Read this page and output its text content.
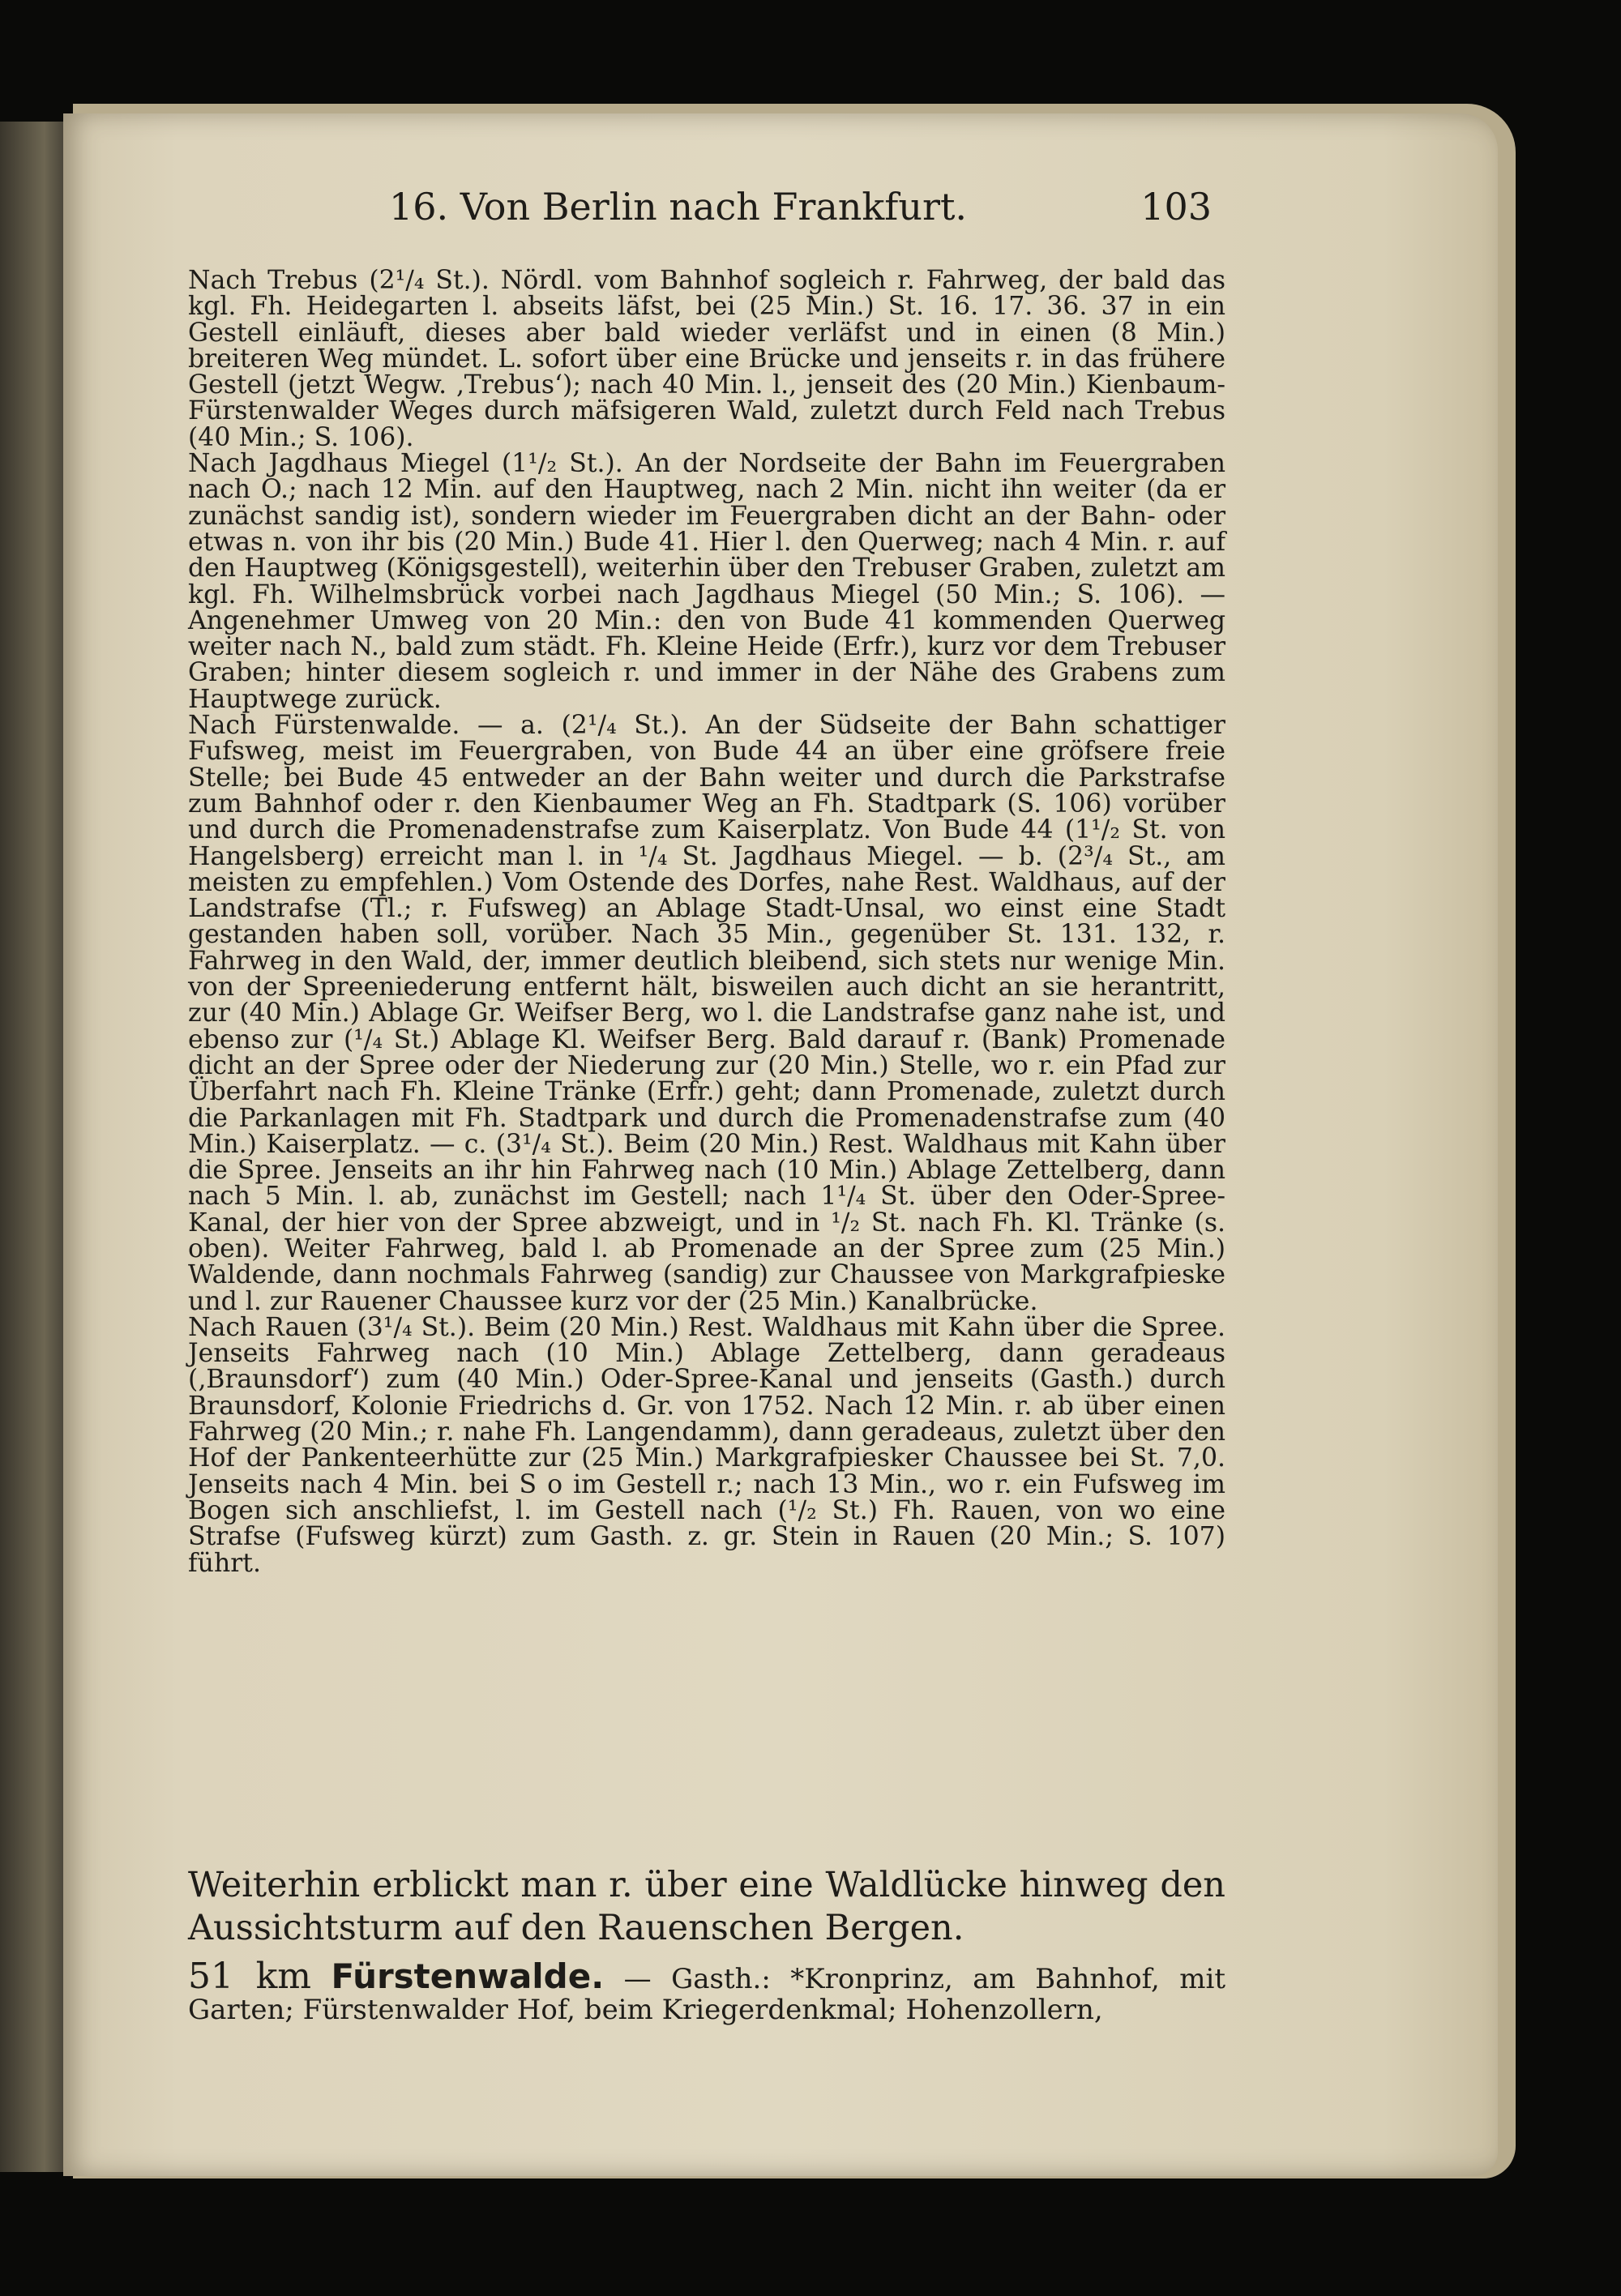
16. Von Berlin nach Frankfurt.	103

Nach Trebus (2¹/₄ St.). Nördl. vom Bahnhof sogleich r. Fahrweg, der bald das kgl. Fh. Heidegarten l. abseits läfst, bei (25 Min.) St. 16. 17. 36. 37 in ein Gestell einläuft, dieses aber bald wieder verläfst und in einen (8 Min.) breiteren Weg mündet. L. sofort über eine Brücke und jenseits r. in das frühere Gestell (jetzt Wegw. ‚Trebus‘); nach 40 Min. l., jenseit des (20 Min.) Kienbaum-Fürstenwalder Weges durch mäfsigeren Wald, zuletzt durch Feld nach Trebus (40 Min.; S. 106).

Nach Jagdhaus Miegel (1¹/₂ St.). An der Nordseite der Bahn im Feuergraben nach O.; nach 12 Min. auf den Hauptweg, nach 2 Min. nicht ihn weiter (da er zunächst sandig ist), sondern wieder im Feuergraben dicht an der Bahn- oder etwas n. von ihr bis (20 Min.) Bude 41. Hier l. den Querweg; nach 4 Min. r. auf den Hauptweg (Königsgestell), weiterhin über den Trebuser Graben, zuletzt am kgl. Fh. Wilhelmsbrück vorbei nach Jagdhaus Miegel (50 Min.; S. 106). — Angenehmer Umweg von 20 Min.: den von Bude 41 kommenden Querweg weiter nach N., bald zum städt. Fh. Kleine Heide (Erfr.), kurz vor dem Trebuser Graben; hinter diesem sogleich r. und immer in der Nähe des Grabens zum Hauptwege zurück.

Nach Fürstenwalde. — a. (2¹/₄ St.). An der Südseite der Bahn schattiger Fufsweg, meist im Feuergraben, von Bude 44 an über eine gröfsere freie Stelle; bei Bude 45 entweder an der Bahn weiter und durch die Parkstrafse zum Bahnhof oder r. den Kienbaumer Weg an Fh. Stadtpark (S. 106) vorüber und durch die Promenadenstrafse zum Kaiserplatz. Von Bude 44 (1¹/₂ St. von Hangelsberg) erreicht man l. in ¹/₄ St. Jagdhaus Miegel. — b. (2³/₄ St., am meisten zu empfehlen.) Vom Ostende des Dorfes, nahe Rest. Waldhaus, auf der Landstrafse (Tl.; r. Fufsweg) an Ablage Stadt-Unsal, wo einst eine Stadt gestanden haben soll, vorüber. Nach 35 Min., gegenüber St. 131. 132, r. Fahrweg in den Wald, der, immer deutlich bleibend, sich stets nur wenige Min. von der Spreeniederung entfernt hält, bisweilen auch dicht an sie herantritt, zur (40 Min.) Ablage Gr. Weifser Berg, wo l. die Landstrafse ganz nahe ist, und ebenso zur (¹/₄ St.) Ablage Kl. Weifser Berg. Bald darauf r. (Bank) Promenade dicht an der Spree oder der Niederung zur (20 Min.) Stelle, wo r. ein Pfad zur Überfahrt nach Fh. Kleine Tränke (Erfr.) geht; dann Promenade, zuletzt durch die Parkanlagen mit Fh. Stadtpark und durch die Promenadenstrafse zum (40 Min.) Kaiserplatz. — c. (3¹/₄ St.). Beim (20 Min.) Rest. Waldhaus mit Kahn über die Spree. Jenseits an ihr hin Fahrweg nach (10 Min.) Ablage Zettelberg, dann nach 5 Min. l. ab, zunächst im Gestell; nach 1¹/₄ St. über den Oder-Spree-Kanal, der hier von der Spree abzweigt, und in ¹/₂ St. nach Fh. Kl. Tränke (s. oben). Weiter Fahrweg, bald l. ab Promenade an der Spree zum (25 Min.) Waldende, dann nochmals Fahrweg (sandig) zur Chaussee von Markgrafpieske und l. zur Rauener Chaussee kurz vor der (25 Min.) Kanalbrücke.

Nach Rauen (3¹/₄ St.). Beim (20 Min.) Rest. Waldhaus mit Kahn über die Spree. Jenseits Fahrweg nach (10 Min.) Ablage Zettelberg, dann geradeaus (‚Braunsdorf‘) zum (40 Min.) Oder-Spree-Kanal und jenseits (Gasth.) durch Braunsdorf, Kolonie Friedrichs d. Gr. von 1752. Nach 12 Min. r. ab über einen Fahrweg (20 Min.; r. nahe Fh. Langendamm), dann geradeaus, zuletzt über den Hof der Pankenteerhütte zur (25 Min.) Markgrafpiesker Chaussee bei St. 7,0. Jenseits nach 4 Min. bei S o im Gestell r.; nach 13 Min., wo r. ein Fufsweg im Bogen sich anschliefst, l. im Gestell nach (¹/₂ St.) Fh. Rauen, von wo eine Strafse (Fufsweg kürzt) zum Gasth. z. gr. Stein in Rauen (20 Min.; S. 107) führt.

Weiterhin erblickt man r. über eine Waldlücke hinweg den Aussichtsturm auf den Rauenschen Bergen.
51 km Fürstenwalde. — Gasth.: *Kronprinz, am Bahnhof, mit Garten; Fürstenwalder Hof, beim Kriegerdenkmal; Hohenzollern,
